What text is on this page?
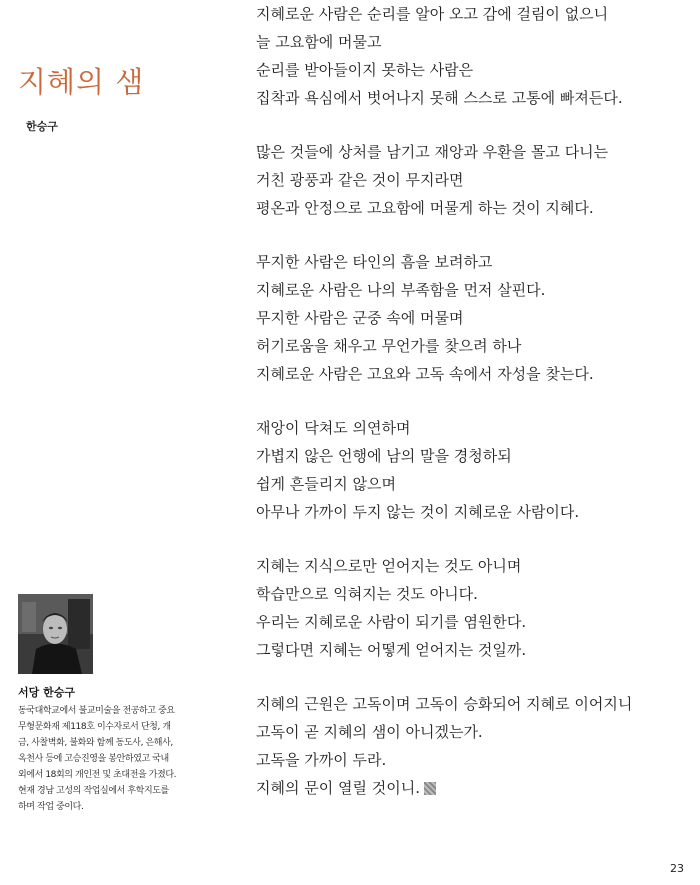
지혜의 샘
한승구
지혜로운 사람은 순리를 알아 오고 감에 걸림이 없으니
늘 고요함에 머물고
순리를 받아들이지 못하는 사람은
집착과 욕심에서 벗어나지 못해 스스로 고통에 빠져든다.
많은 것들에 상처를 남기고 재앙과 우환을 몰고 다니는
거친 광풍과 같은 것이 무지라면
평온과 안정으로 고요함에 머물게 하는 것이 지혜다.
무지한 사람은 타인의 흠을 보려하고
지혜로운 사람은 나의 부족함을 먼저 살핀다.
무지한 사람은 군중 속에 머물며
허기로움을 채우고 무언가를 찾으려 하나
지혜로운 사람은 고요와 고독 속에서 자성을 찾는다.
재앙이 닥쳐도 의연하며
가볍지 않은 언행에 남의 말을 경청하되
쉽게 흔들리지 않으며
아무나 가까이 두지 않는 것이 지혜로운 사람이다.
지혜는 지식으로만 얻어지는 것도 아니며
학습만으로 익혀지는 것도 아니다.
우리는 지혜로운 사람이 되기를 염원한다.
그렇다면 지혜는 어떻게 얻어지는 것일까.
지혜의 근원은 고독이며 고독이 승화되어 지혜로 이어지니
고독이 곧 지혜의 샘이 아니겠는가.
고독을 가까이 두라.
지혜의 문이 열릴 것이니.
서당 한승구
동국대학교에서 불교미술을 전공하고 중요
무형문화재 제118호 이수자로서 단청, 개
금, 사찰벽화, 불화와 함께 동도사, 은해사,
옥천사 등에 고승진영을 봉안하였고 국내
외에서 18회의 개인전 및 초대전을 가졌다.
현재 경남 고성의 작업실에서 후학지도를
하며 작업 중이다.
23
